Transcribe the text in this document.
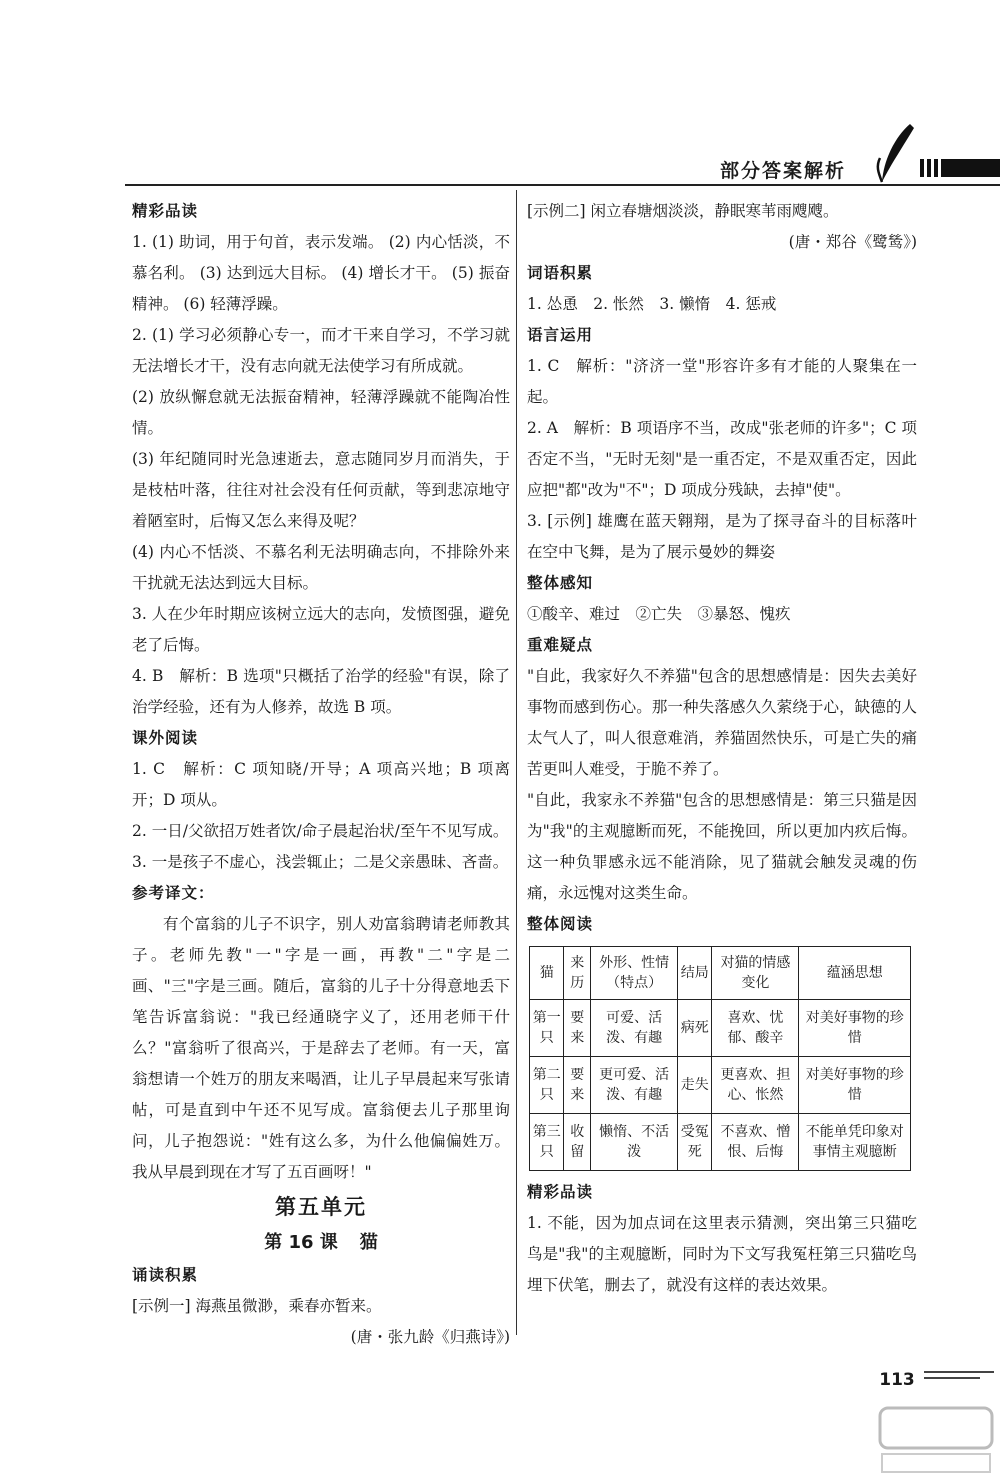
部分答案解析
精彩品读

1. (1) 助词，用于句首，表示发端。 (2) 内心恬淡，不慕名利。 (3) 达到远大目标。 (4) 增长才干。 (5) 振奋精神。 (6) 轻薄浮躁。

2. (1) 学习必须静心专一，而才干来自学习，不学习就无法增长才干，没有志向就无法使学习有所成就。

(2) 放纵懈怠就无法振奋精神，轻薄浮躁就不能陶冶性情。

(3) 年纪随同时光急速逝去，意志随同岁月而消失，于是枝枯叶落，往往对社会没有任何贡献，等到悲凉地守着陋室时，后悔又怎么来得及呢？

(4) 内心不恬淡、不慕名利无法明确志向，不排除外来干扰就无法达到远大目标。

3. 人在少年时期应该树立远大的志向，发愤图强，避免老了后悔。

4. B　解析：B 选项"只概括了治学的经验"有误，除了治学经验，还有为人修养，故选 B 项。

课外阅读

1. C　解析：C 项知晓/开导；A 项高兴地；B 项离开；D 项从。

2. 一日/父欲招万姓者饮/命子晨起治状/至午不见写成。

3. 一是孩子不虚心，浅尝辄止；二是父亲愚昧、吝啬。

参考译文：

有个富翁的儿子不识字，别人劝富翁聘请老师教其子。老师先教"一"字是一画，再教"二"字是二画、"三"字是三画。随后，富翁的儿子十分得意地丢下笔告诉富翁说："我已经通晓字义了，还用老师干什么？"富翁听了很高兴，于是辞去了老师。有一天，富翁想请一个姓万的朋友来喝酒，让儿子早晨起来写张请帖，可是直到中午还不见写成。富翁便去儿子那里询问，儿子抱怨说："姓有这么多，为什么他偏偏姓万。我从早晨到现在才写了五百画呀！"

第五单元
第 16 课 猫
诵读积累

[示例一] 海燕虽微渺，乘春亦暂来。

(唐・张九龄《归燕诗》)

[示例二] 闲立春塘烟淡淡，静眠寒苇雨飕飕。

(唐・郑谷《鹭鸶》)

词语积累

1. 怂恿　2. 怅然　3. 懒惰　4. 惩戒

语言运用

1. C　解析："济济一堂"形容许多有才能的人聚集在一起。

2. A　解析：B 项语序不当，改成"张老师的许多"；C 项否定不当，"无时无刻"是一重否定，不是双重否定，因此应把"都"改为"不"；D 项成分残缺，去掉"使"。

3. [示例] 雄鹰在蓝天翱翔，是为了探寻奋斗的目标落叶在空中飞舞，是为了展示曼妙的舞姿

整体感知

①酸辛、难过　②亡失　③暴怒、愧疚

重难疑点

"自此，我家好久不养猫"包含的思想感情是：因失去美好事物而感到伤心。那一种失落感久久萦绕于心，缺德的人太气人了，叫人很意难消，养猫固然快乐，可是亡失的痛苦更叫人难受，于脆不养了。

"自此，我家永不养猫"包含的思想感情是：第三只猫是因为"我"的主观臆断而死，不能挽回，所以更加内疚后悔。这一种负罪感永远不能消除，见了猫就会触发灵魂的伤痛，永远愧对这类生命。

整体阅读
猫	来历	外形、性情（特点）	结局	对猫的情感变化	蕴涵思想
第一只	要来	可爱、活泼、有趣	病死	喜欢、忧郁、酸辛	对美好事物的珍惜
第二只	要来	更可爱、活泼、有趣	走失	更喜欢、担心、怅然	对美好事物的珍惜
第三只	收留	懒惰、不活泼	受冤死	不喜欢、憎恨、后悔	不能单凭印象对事情主观臆断
精彩品读

1. 不能，因为加点词在这里表示猜测，突出第三只猫吃鸟是"我"的主观臆断，同时为下文写我冤枉第三只猫吃鸟埋下伏笔，删去了，就没有这样的表达效果。

113
